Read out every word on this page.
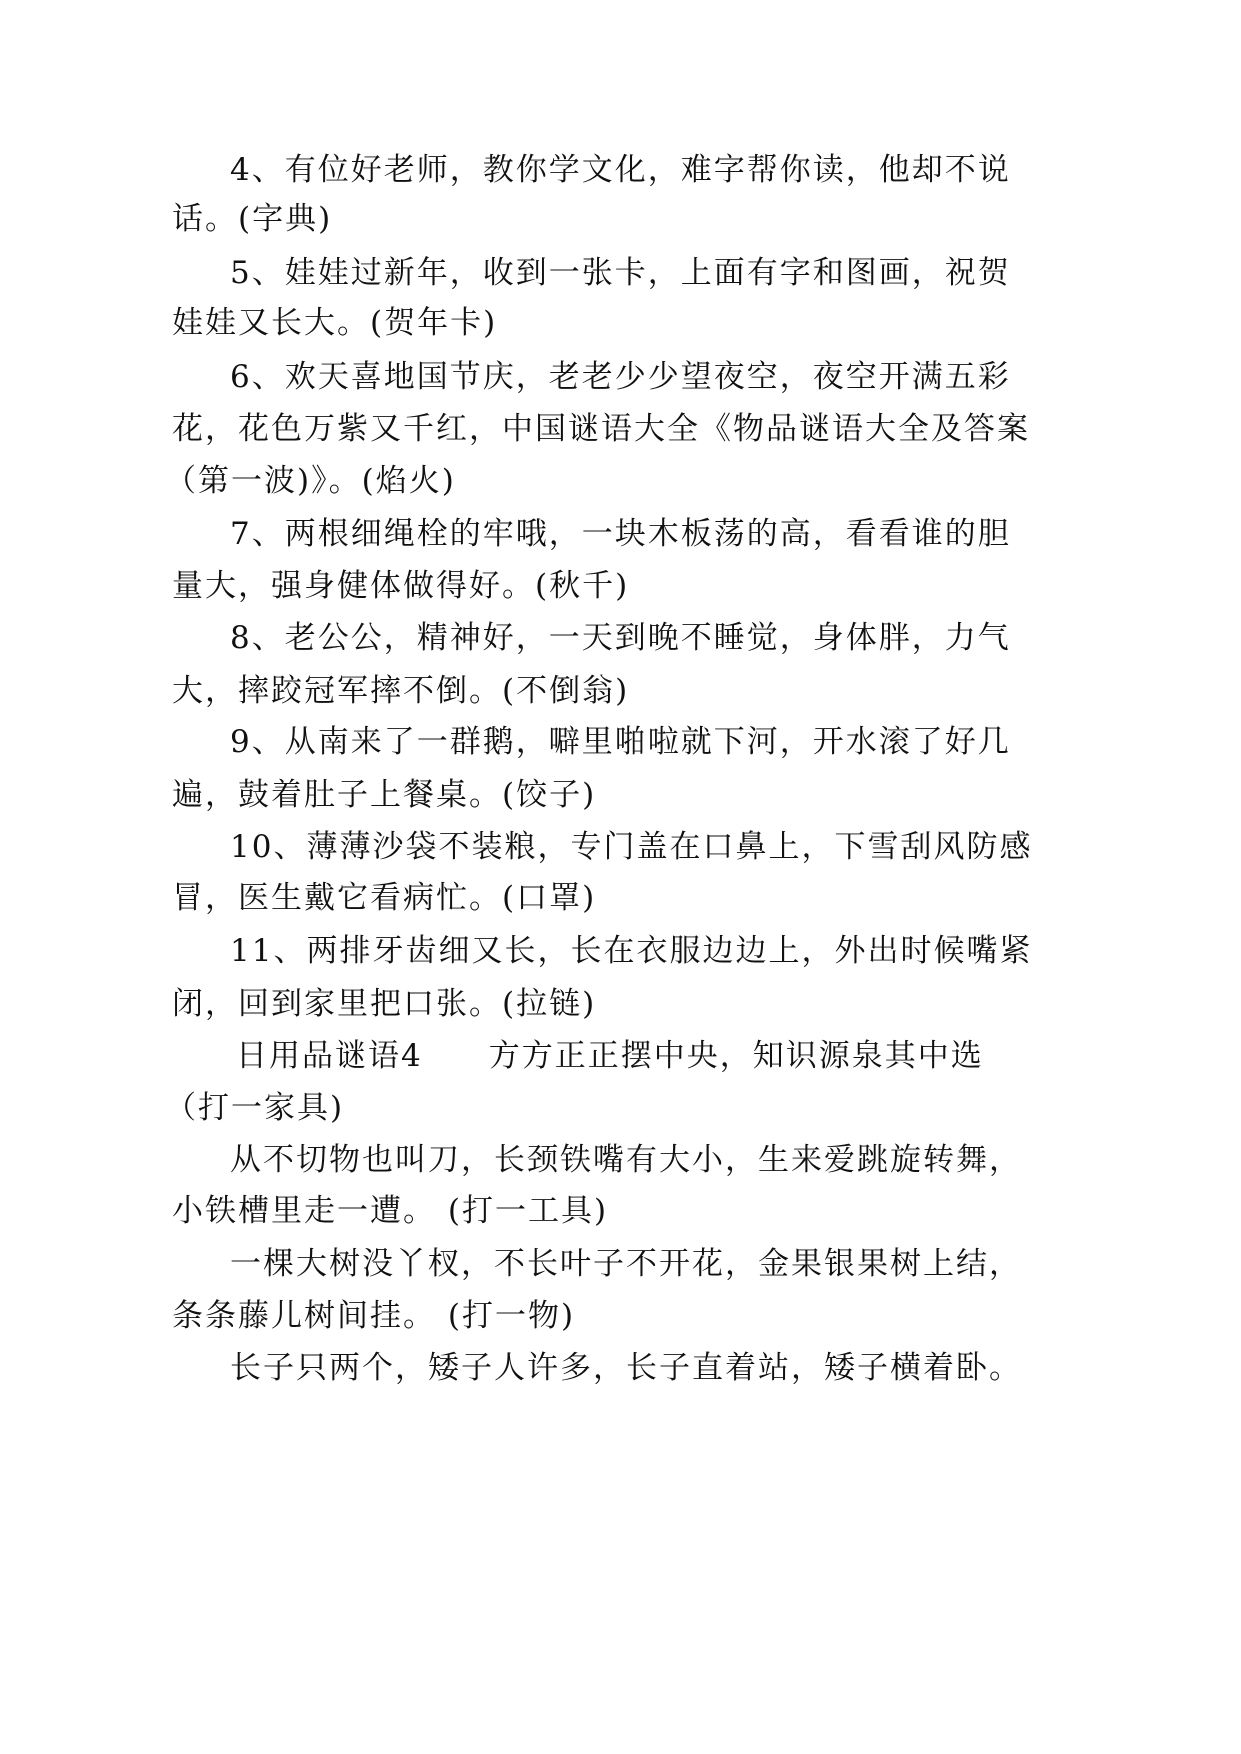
4、有位好老师，教你学文化，难字帮你读，他却不说
话。(字典)
5、娃娃过新年，收到一张卡，上面有字和图画，祝贺
娃娃又长大。(贺年卡)
6、欢天喜地国节庆，老老少少望夜空，夜空开满五彩
花，花色万紫又千红，中国谜语大全《物品谜语大全及答案
（第一波)》。(焰火)
7、两根细绳栓的牢哦，一块木板荡的高，看看谁的胆
量大，强身健体做得好。(秋千)
8、老公公，精神好，一天到晚不睡觉，身体胖，力气
大，摔跤冠军摔不倒。(不倒翁)
9、从南来了一群鹅，噼里啪啦就下河，开水滚了好几
遍，鼓着肚子上餐桌。(饺子)
10、薄薄沙袋不装粮，专门盖在口鼻上，下雪刮风防感
冒，医生戴它看病忙。(口罩)
11、两排牙齿细又长，长在衣服边边上，外出时候嘴紧
闭，回到家里把口张。(拉链)
日用品谜语4　　方方正正摆中央，知识源泉其中选
（打一家具)
从不切物也叫刀，长颈铁嘴有大小，生来爱跳旋转舞，
小铁槽里走一遭。 (打一工具)
一棵大树没丫杈，不长叶子不开花，金果银果树上结，
条条藤儿树间挂。 (打一物)
长子只两个，矮子人许多，长子直着站，矮子横着卧。
